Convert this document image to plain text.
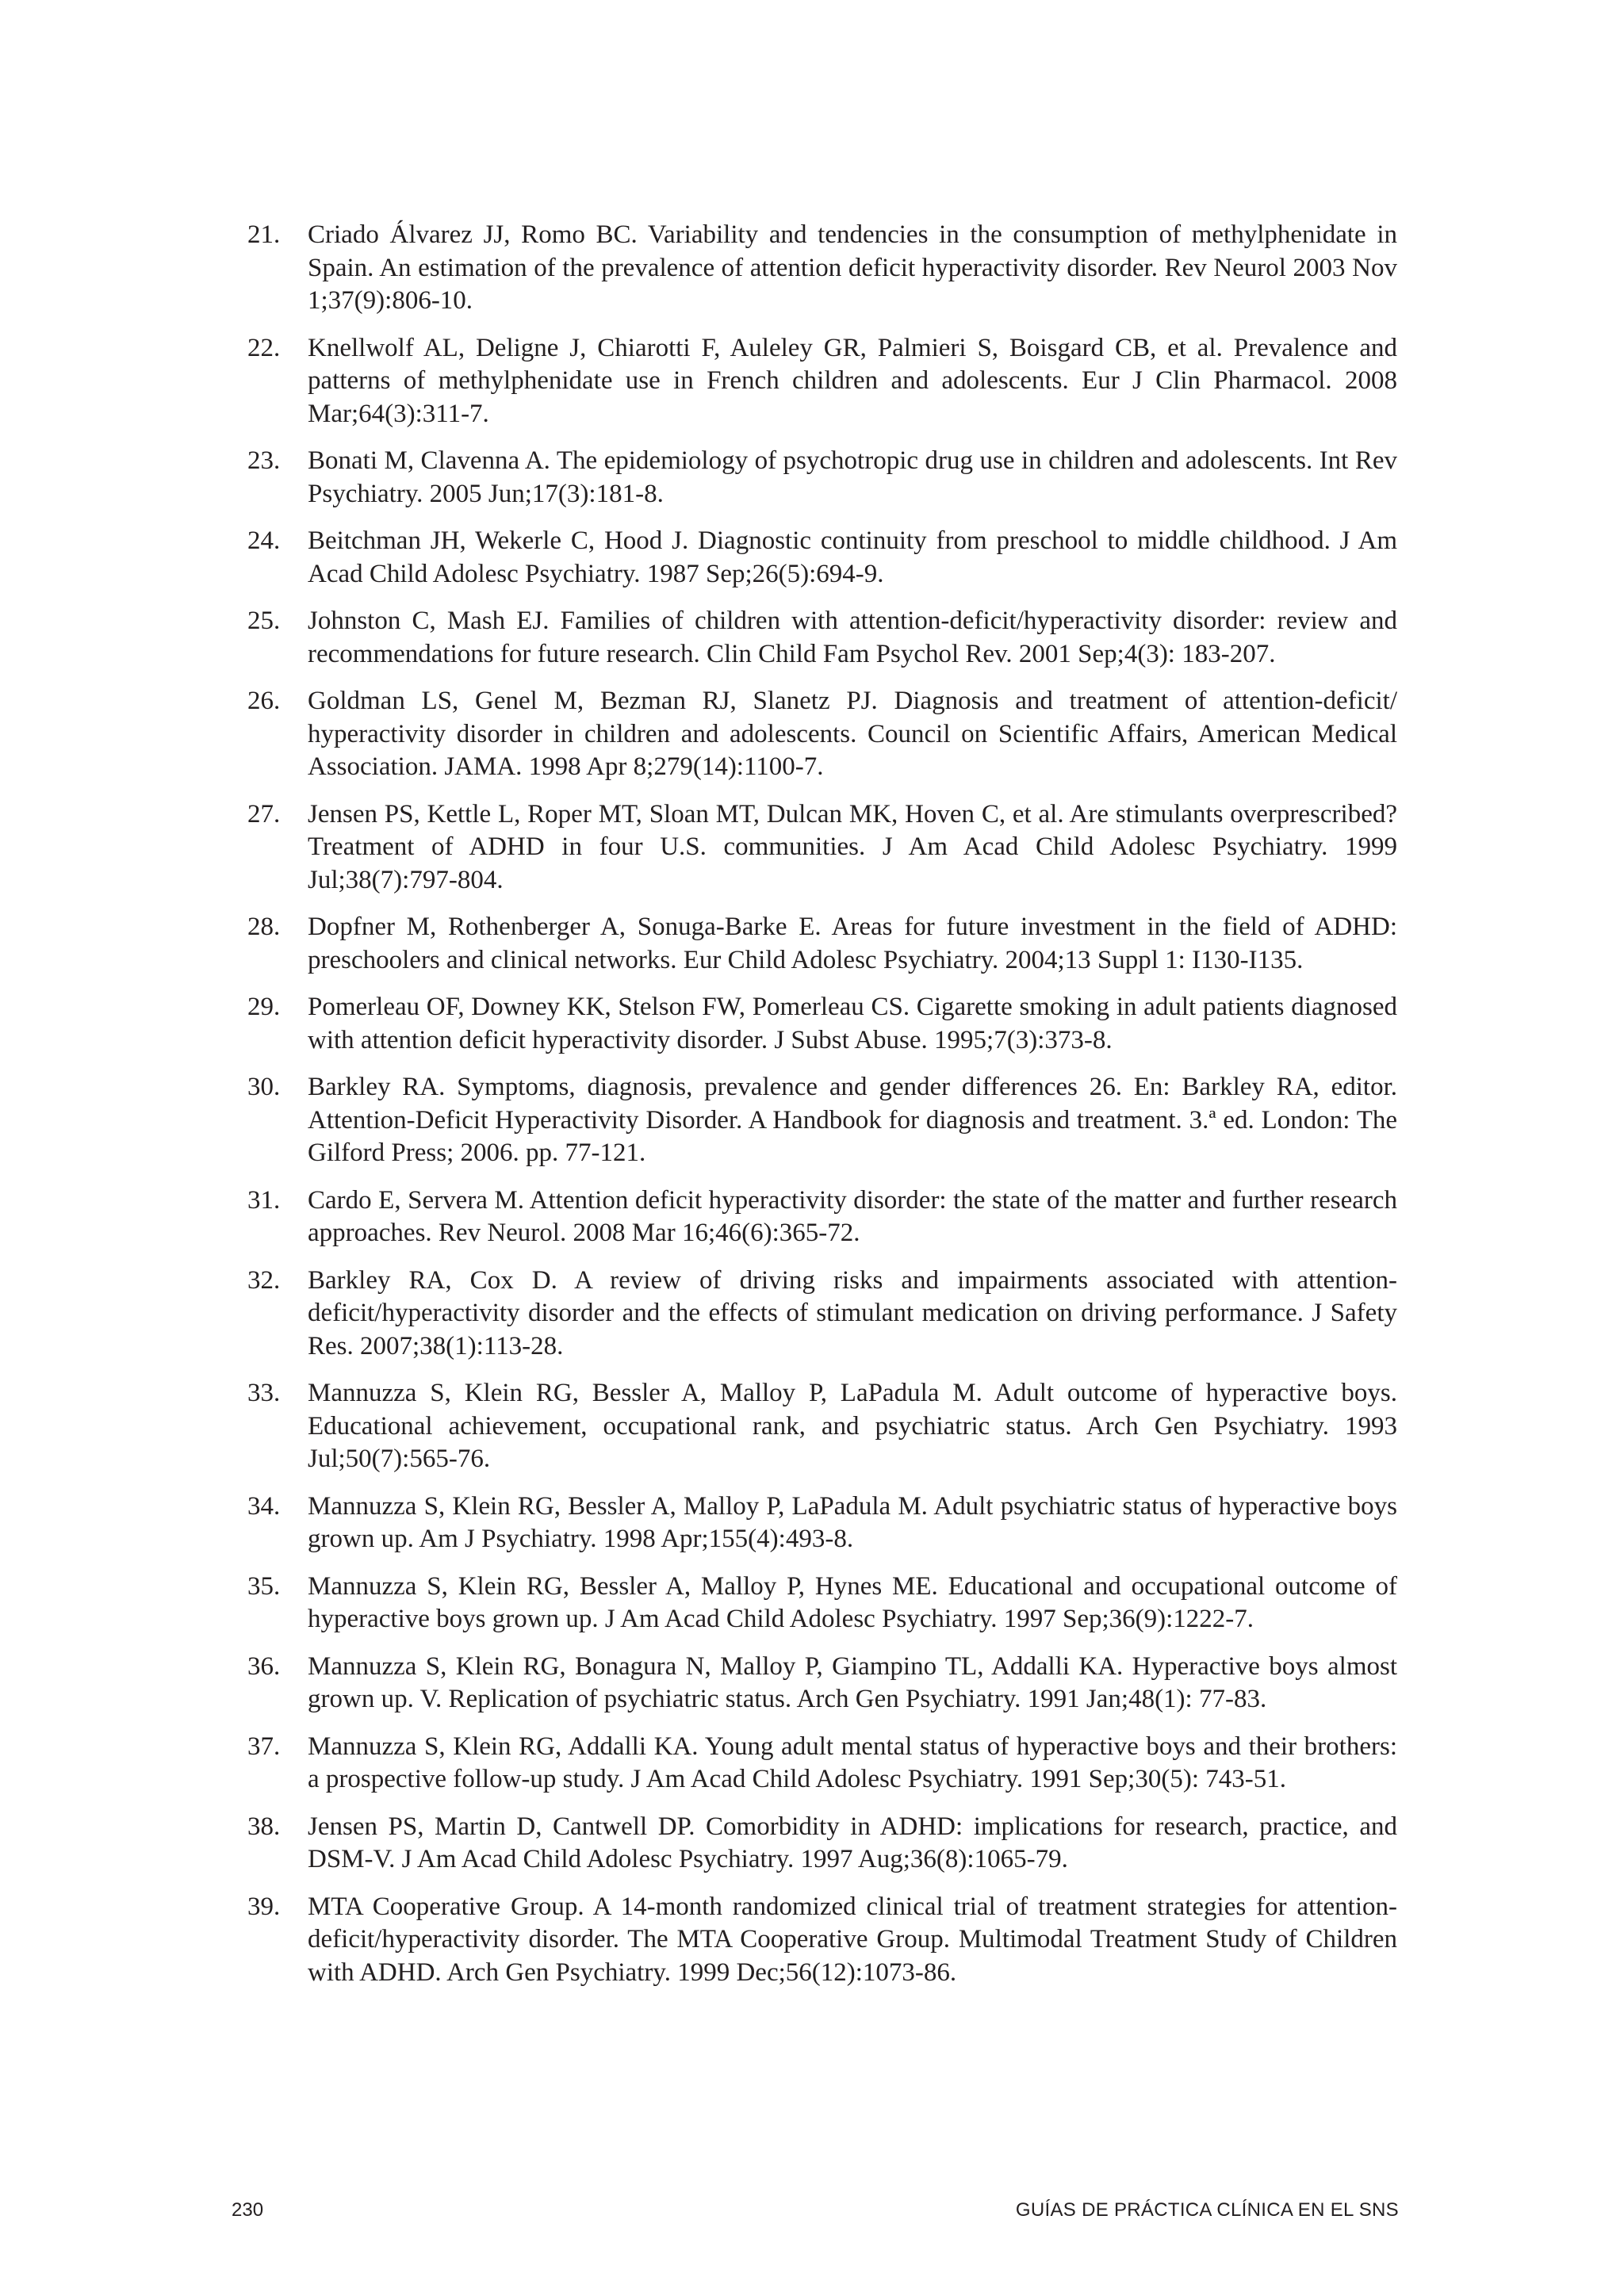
21.	Criado Álvarez JJ, Romo BC. Variability and tendencies in the consumption of methylphenidate in Spain. An estimation of the prevalence of attention deficit hyperactivity disorder. Rev Neurol 2003 Nov 1;37(9):806-10.
22.	Knellwolf AL, Deligne J, Chiarotti F, Auleley GR, Palmieri S, Boisgard CB, et al. Prevalence and patterns of methylphenidate use in French children and adolescents. Eur J Clin Pharmacol. 2008 Mar;64(3):311-7.
23.	Bonati M, Clavenna A. The epidemiology of psychotropic drug use in children and adolescents. Int Rev Psychiatry. 2005 Jun;17(3):181-8.
24.	Beitchman JH, Wekerle C, Hood J. Diagnostic continuity from preschool to middle childhood. J Am Acad Child Adolesc Psychiatry. 1987 Sep;26(5):694-9.
25.	Johnston C, Mash EJ. Families of children with attention-deficit/hyperactivity disorder: review and recommendations for future research. Clin Child Fam Psychol Rev. 2001 Sep;4(3): 183-207.
26.	Goldman LS, Genel M, Bezman RJ, Slanetz PJ. Diagnosis and treatment of attention-deficit/​hyperactivity disorder in children and adolescents. Council on Scientific Affairs, American Medical Association. JAMA. 1998 Apr 8;279(14):1100-7.
27.	Jensen PS, Kettle L, Roper MT, Sloan MT, Dulcan MK, Hoven C, et al. Are stimulants overprescribed? Treatment of ADHD in four U.S. communities. J Am Acad Child Adolesc Psychiatry. 1999 Jul;38(7):797-804.
28.	Dopfner M, Rothenberger A, Sonuga-Barke E. Areas for future investment in the field of ADHD: preschoolers and clinical networks. Eur Child Adolesc Psychiatry. 2004;13 Suppl 1: I130-I135.
29.	Pomerleau OF, Downey KK, Stelson FW, Pomerleau CS. Cigarette smoking in adult patients diagnosed with attention deficit hyperactivity disorder. J Subst Abuse. 1995;7(3):373-8.
30.	Barkley RA. Symptoms, diagnosis, prevalence and gender differences 26. En: Barkley RA, editor. Attention-Deficit Hyperactivity Disorder. A Handbook for diagnosis and treatment. 3.ª ed. London: The Gilford Press; 2006. pp. 77-121.
31.	Cardo E, Servera M. Attention deficit hyperactivity disorder: the state of the matter and further research approaches. Rev Neurol. 2008 Mar 16;46(6):365-72.
32.	Barkley RA, Cox D. A review of driving risks and impairments associated with attention-​deficit/hyperactivity disorder and the effects of stimulant medication on driving performance. J Safety Res. 2007;38(1):113-28.
33.	Mannuzza S, Klein RG, Bessler A, Malloy P, LaPadula M. Adult outcome of hyperactive boys. Educational achievement, occupational rank, and psychiatric status. Arch Gen Psychiatry. 1993 Jul;50(7):565-76.
34.	Mannuzza S, Klein RG, Bessler A, Malloy P, LaPadula M. Adult psychiatric status of hyperactive boys grown up. Am J Psychiatry. 1998 Apr;155(4):493-8.
35.	Mannuzza S, Klein RG, Bessler A, Malloy P, Hynes ME. Educational and occupational outcome of hyperactive boys grown up. J Am Acad Child Adolesc Psychiatry. 1997 Sep;36(9):1222-7.
36.	Mannuzza S, Klein RG, Bonagura N, Malloy P, Giampino TL, Addalli KA. Hyperactive boys almost grown up. V. Replication of psychiatric status. Arch Gen Psychiatry. 1991 Jan;48(1): 77-83.
37.	Mannuzza S, Klein RG, Addalli KA. Young adult mental status of hyperactive boys and their brothers: a prospective follow-up study. J Am Acad Child Adolesc Psychiatry. 1991 Sep;30(5): 743-51.
38.	Jensen PS, Martin D, Cantwell DP. Comorbidity in ADHD: implications for research, practice, and DSM-V. J Am Acad Child Adolesc Psychiatry. 1997 Aug;36(8):1065-79.
39.	MTA Cooperative Group. A 14-month randomized clinical trial of treatment strategies for attention-deficit/hyperactivity disorder. The MTA Cooperative Group. Multimodal Treatment Study of Children with ADHD. Arch Gen Psychiatry. 1999 Dec;56(12):1073-86.
230	GUÍAS DE PRÁCTICA CLÍNICA EN EL SNS
